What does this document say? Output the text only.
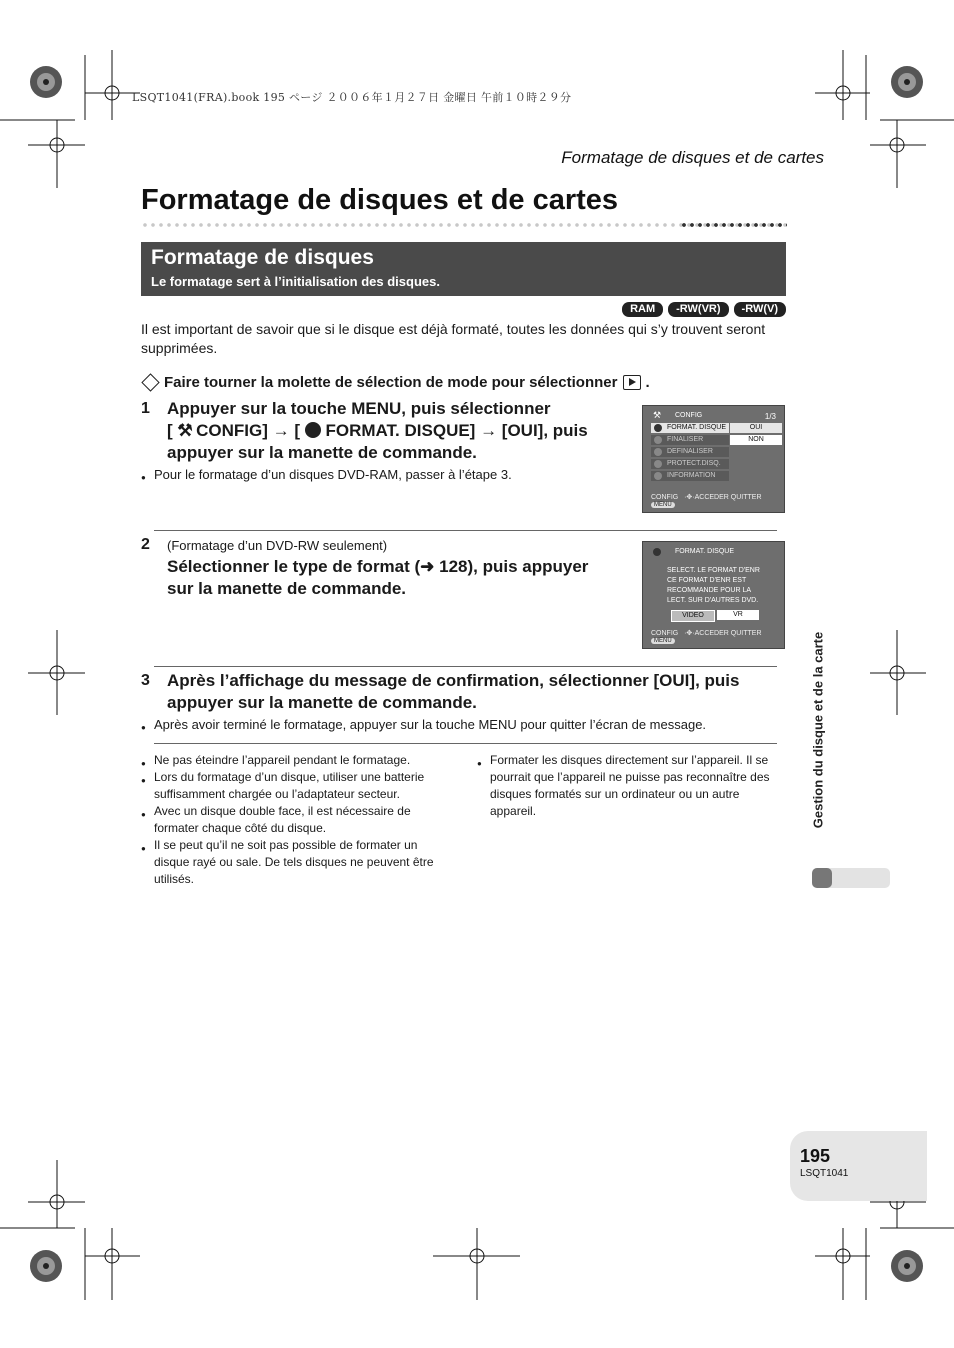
LSQT1041(FRA).book 195 ページ ２００６年１月２７日 金曜日 午前１０時２９分
Formatage de disques et de cartes
Formatage de disques et de cartes
Formatage de disques
Le formatage sert à l’initialisation des disques.
RAM	-RW(VR)	-RW(V)
Il est important de savoir que si le disque est déjà formaté, toutes les données qui s’y trouvent seront supprimées.
Faire tourner la molette de sélection de mode pour sélectionner .
1 Appuyer sur la touche MENU, puis sélectionner
[ ⚒ CONFIG] → [ FORMAT. DISQUE] → [OUI], puis
appuyer sur la manette de commande.
● Pour le formatage d’un disques DVD-RAM, passer à l’étape 3.
⚒ CONFIG	1/3
FORMAT. DISQUE
FINALISER
DEFINALISER
PROTECT.DISQ.
INFORMATION
OUI
NON
CONFIG   ·✥·ACCEDER QUITTER MENU
2 (Formatage d’un DVD-RW seulement)
Sélectionner le type de format (➜ 128), puis appuyer
sur la manette de commande.
FORMAT. DISQUE
SELECT. LE FORMAT D'ENR
CE FORMAT D'ENR EST
RECOMMANDE POUR LA
LECT. SUR D'AUTRES DVD.
VIDEO	VR
CONFIG   ·✥·ACCEDER QUITTER MENU
3 Après l’affichage du message de confirmation, sélectionner [OUI], puis
appuyer sur la manette de commande.
● Après avoir terminé le formatage, appuyer sur la touche MENU pour quitter l’écran de message.
● Ne pas éteindre l’appareil pendant le formatage.
● Lors du formatage d’un disque, utiliser une batterie suffisamment chargée ou l’adaptateur secteur.
● Avec un disque double face, il est nécessaire de formater chaque côté du disque.
● Il se peut qu’il ne soit pas possible de formater un disque rayé ou sale. De tels disques ne peuvent être utilisés.
● Formater les disques directement sur l’appareil. Il se pourrait que l’appareil ne puisse pas reconnaître des disques formatés sur un ordinateur ou un autre appareil.	Gestion du disque et de la carte
195
LSQT1041
